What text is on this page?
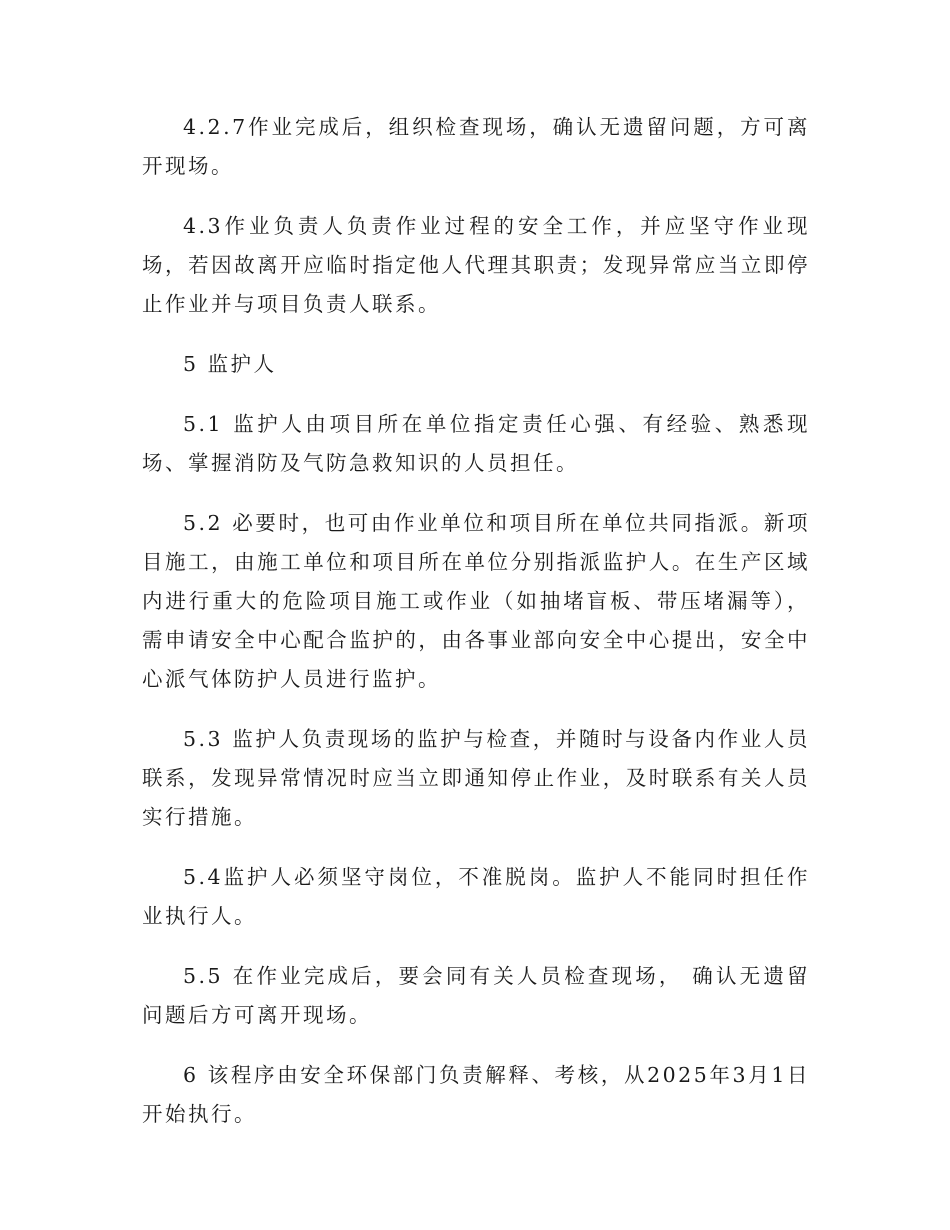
4.2.7作业完成后，组织检查现场，确认无遗留问题，方可离开现场。

4.3作业负责人负责作业过程的安全工作，并应坚守作业现场，若因故离开应临时指定他人代理其职责；发现异常应当立即停止作业并与项目负责人联系。

5 监护人

5.1 监护人由项目所在单位指定责任心强、有经验、熟悉现场、掌握消防及气防急救知识的人员担任。

5.2 必要时，也可由作业单位和项目所在单位共同指派。新项目施工，由施工单位和项目所在单位分别指派监护人。在生产区域内进行重大的危险项目施工或作业（如抽堵盲板、带压堵漏等），需申请安全中心配合监护的，由各事业部向安全中心提出，安全中心派气体防护人员进行监护。

5.3 监护人负责现场的监护与检查，并随时与设备内作业人员联系，发现异常情况时应当立即通知停止作业，及时联系有关人员实行措施。

5.4监护人必须坚守岗位，不准脱岗。监护人不能同时担任作业执行人。

5.5 在作业完成后，要会同有关人员检查现场， 确认无遗留问题后方可离开现场。

6 该程序由安全环保部门负责解释、考核，从2025年3月1日开始执行。
